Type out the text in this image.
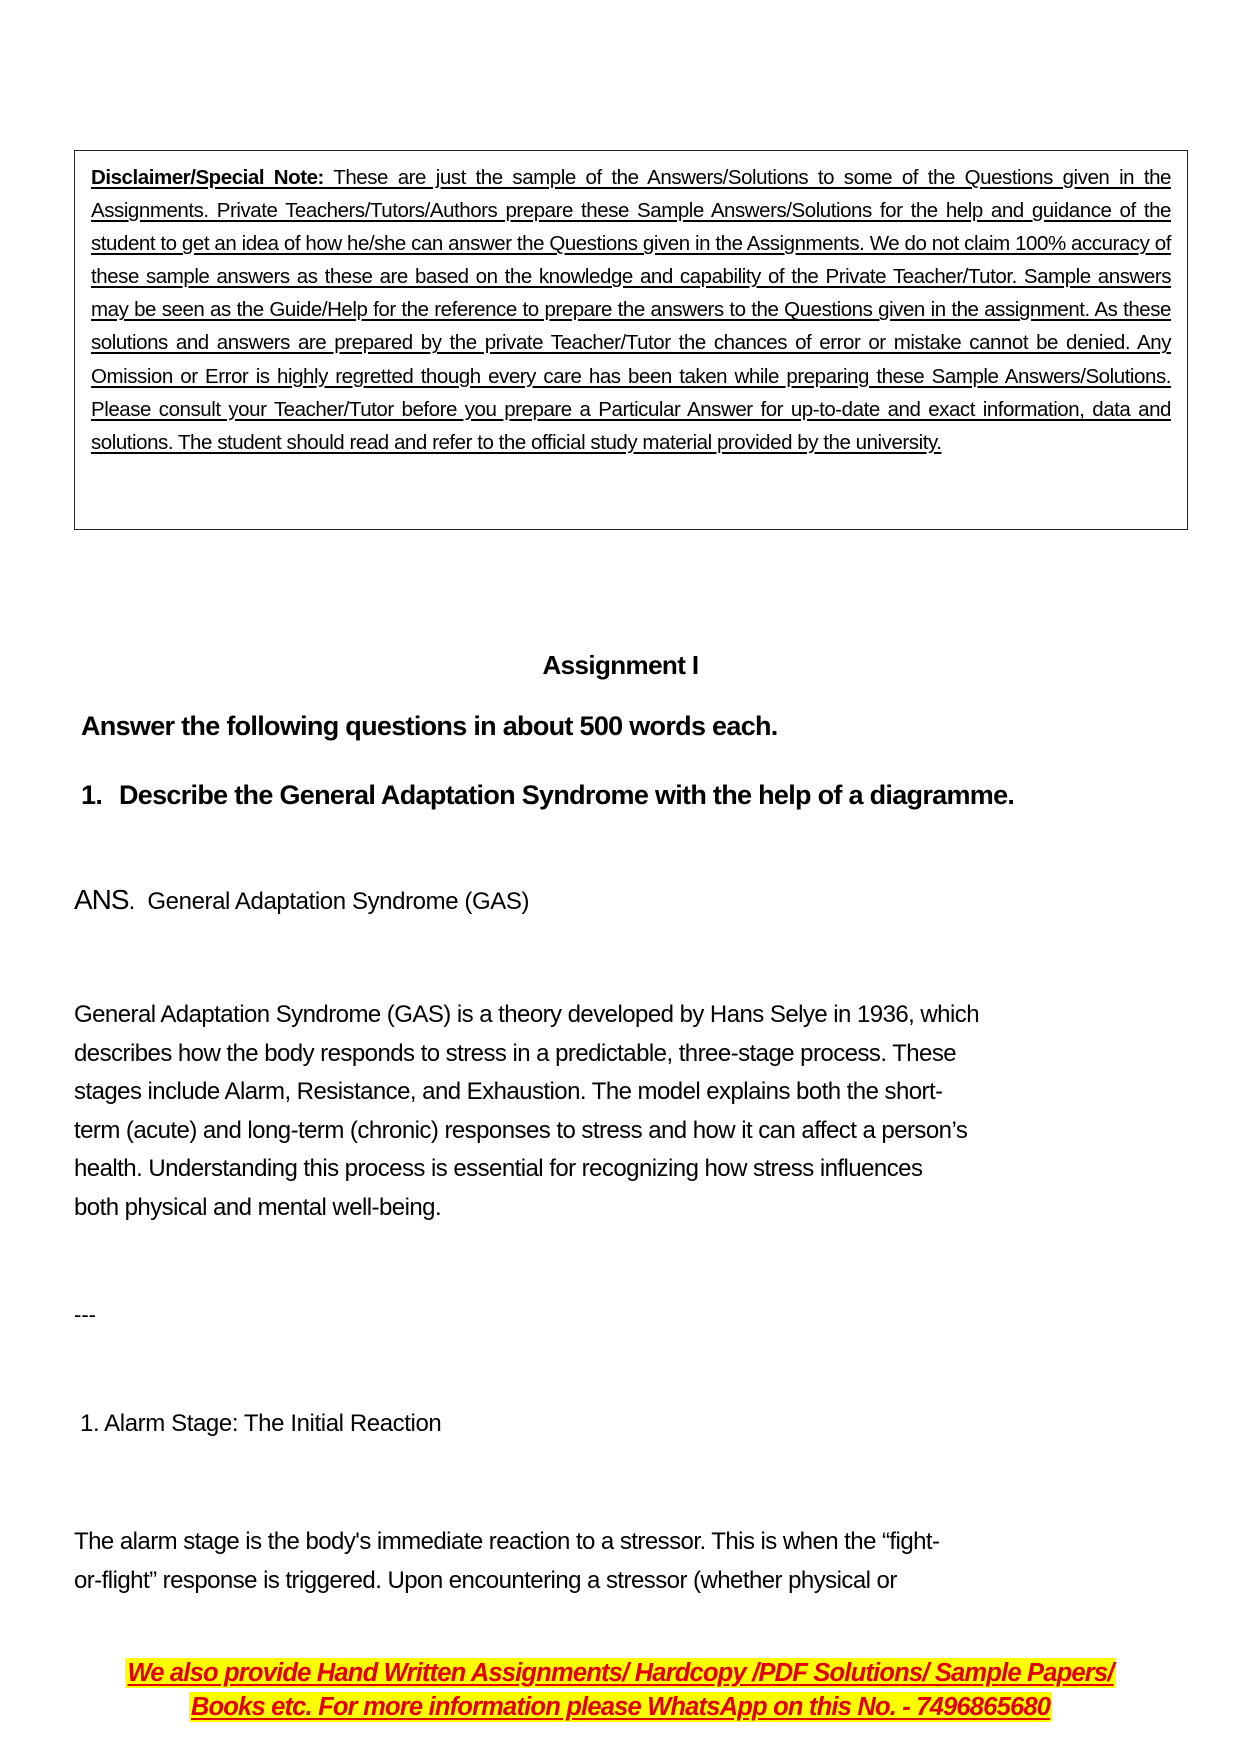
Disclaimer/Special Note: These are just the sample of the Answers/Solutions to some of the Questions given in the Assignments. Private Teachers/Tutors/Authors prepare these Sample Answers/Solutions for the help and guidance of the student to get an idea of how he/she can answer the Questions given in the Assignments. We do not claim 100% accuracy of these sample answers as these are based on the knowledge and capability of the Private Teacher/Tutor. Sample answers may be seen as the Guide/Help for the reference to prepare the answers to the Questions given in the assignment. As these solutions and answers are prepared by the private Teacher/Tutor the chances of error or mistake cannot be denied. Any Omission or Error is highly regretted though every care has been taken while preparing these Sample Answers/Solutions. Please consult your Teacher/Tutor before you prepare a Particular Answer for up-to-date and exact information, data and solutions. The student should read and refer to the official study material provided by the university.
Assignment I
Answer the following questions in about 500 words each.
1. Describe the General Adaptation Syndrome with the help of a diagramme.
ANS. General Adaptation Syndrome (GAS)
General Adaptation Syndrome (GAS) is a theory developed by Hans Selye in 1936, which
describes how the body responds to stress in a predictable, three-stage process. These
stages include Alarm, Resistance, and Exhaustion. The model explains both the short-
term (acute) and long-term (chronic) responses to stress and how it can affect a person’s
health. Understanding this process is essential for recognizing how stress influences
both physical and mental well-being.
---
1. Alarm Stage: The Initial Reaction
The alarm stage is the body's immediate reaction to a stressor. This is when the “fight-
or-flight” response is triggered. Upon encountering a stressor (whether physical or
We also provide Hand Written Assignments/ Hardcopy /PDF Solutions/ Sample Papers/
Books etc. For more information please WhatsApp on this No. - 7496865680
